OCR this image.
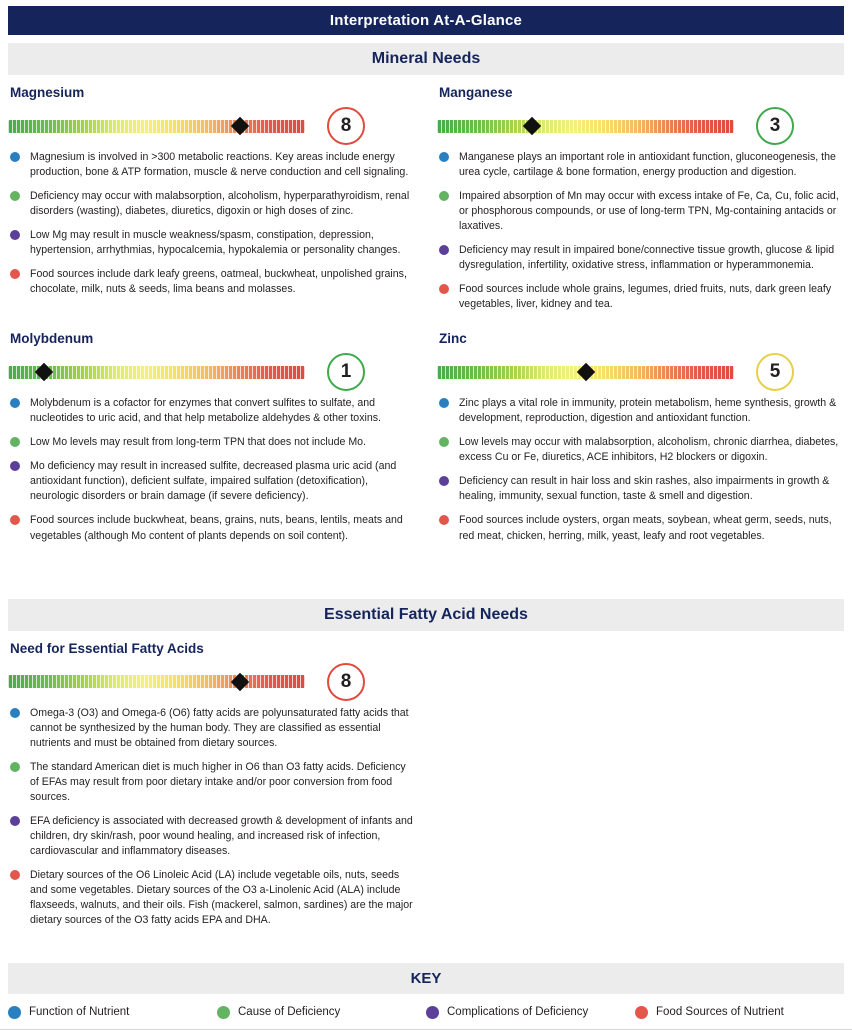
Interpretation At-A-Glance
Mineral Needs
Magnesium
8
Magnesium is involved in >300 metabolic reactions. Key areas include energy production, bone & ATP formation, muscle & nerve conduction and cell signaling.
Deficiency may occur with malabsorption, alcoholism, hyperparathyroidism, renal disorders (wasting), diabetes, diuretics, digoxin or high doses of zinc.
Low Mg may result in muscle weakness/spasm, constipation, depression, hypertension, arrhythmias, hypocalcemia, hypokalemia or personality changes.
Food sources include dark leafy greens, oatmeal, buckwheat, unpolished grains, chocolate, milk, nuts & seeds, lima beans and molasses.
Manganese
3
Manganese plays an important role in antioxidant function, gluconeogenesis, the urea cycle, cartilage & bone formation, energy production and digestion.
Impaired absorption of Mn may occur with excess intake of Fe, Ca, Cu, folic acid, or phosphorous compounds, or use of long-term TPN, Mg-containing antacids or laxatives.
Deficiency may result in impaired bone/connective tissue growth, glucose & lipid dysregulation, infertility, oxidative stress, inflammation or hyperammonemia.
Food sources include whole grains, legumes, dried fruits, nuts, dark green leafy vegetables, liver, kidney and tea.
Molybdenum
1
Molybdenum is a cofactor for enzymes that convert sulfites to sulfate, and nucleotides to uric acid, and that help metabolize aldehydes & other toxins.
Low Mo levels may result from long-term TPN that does not include Mo.
Mo deficiency may result in increased sulfite, decreased plasma uric acid (and antioxidant function), deficient sulfate, impaired sulfation (detoxification), neurologic disorders or brain damage (if severe deficiency).
Food sources include buckwheat, beans, grains, nuts, beans, lentils, meats and vegetables (although Mo content of plants depends on soil content).
Zinc
5
Zinc plays a vital role in immunity, protein metabolism, heme synthesis, growth & development, reproduction, digestion and antioxidant function.
Low levels may occur with malabsorption, alcoholism, chronic diarrhea, diabetes, excess Cu or Fe, diuretics, ACE inhibitors, H2 blockers or digoxin.
Deficiency can result in hair loss and skin rashes, also impairments in growth & healing, immunity, sexual function, taste & smell and digestion.
Food sources include oysters, organ meats, soybean, wheat germ, seeds, nuts, red meat, chicken, herring, milk, yeast, leafy and root vegetables.
Essential Fatty Acid Needs
Need for Essential Fatty Acids
8
Omega-3 (O3) and Omega-6 (O6) fatty acids are polyunsaturated fatty acids that cannot be synthesized by the human body. They are classified as essential nutrients and must be obtained from dietary sources.
The standard American diet is much higher in O6 than O3 fatty acids. Deficiency of EFAs may result from poor dietary intake and/or poor conversion from food sources.
EFA deficiency is associated with decreased growth & development of infants and children, dry skin/rash, poor wound healing, and increased risk of infection, cardiovascular and inflammatory diseases.
Dietary sources of the O6 Linoleic Acid (LA) include vegetable oils, nuts, seeds and some vegetables. Dietary sources of the O3 a-Linolenic Acid (ALA) include flaxseeds, walnuts, and their oils. Fish (mackerel, salmon, sardines) are the major dietary sources of the O3 fatty acids EPA and DHA.
KEY
Function of Nutrient	Cause of Deficiency	Complications of Deficiency	Food Sources of Nutrient
